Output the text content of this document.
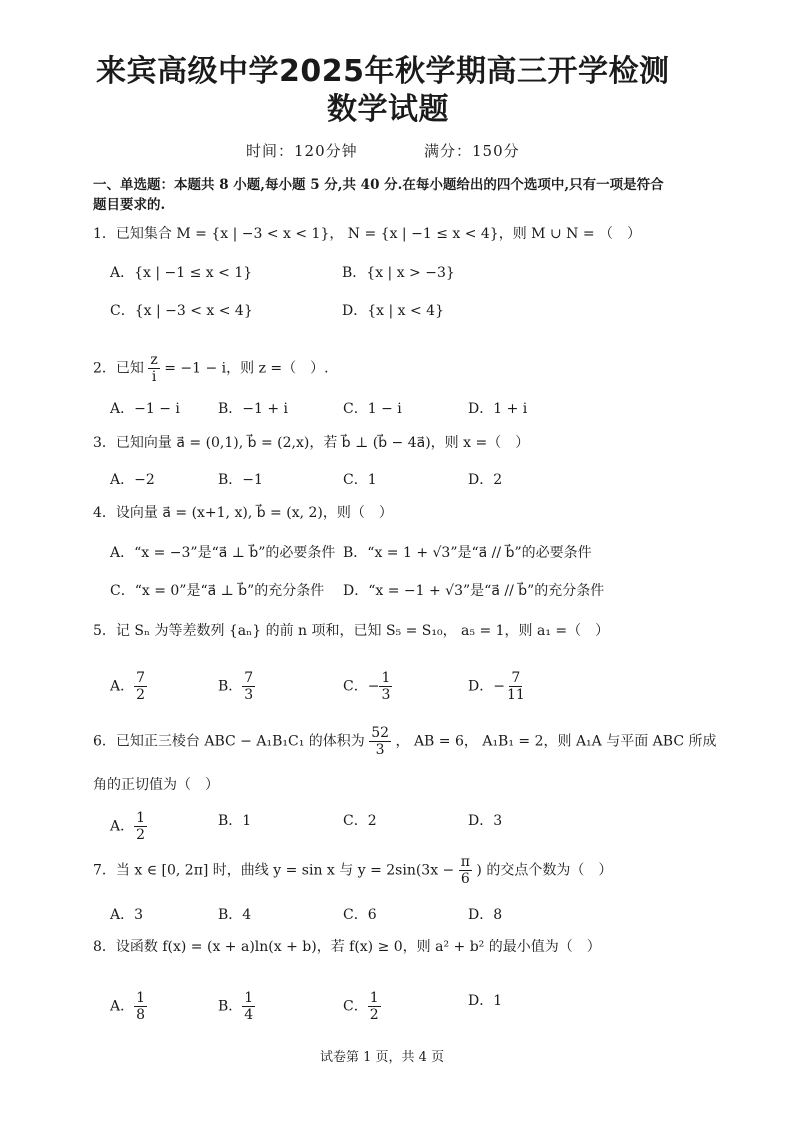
来宾高级中学2025年秋学期高三开学检测
数学试题
时间：120分钟	满分：150分
一、单选题：本题共 8 小题,每小题 5 分,共 40 分.在每小题给出的四个选项中,只有一项是符合
题目要求的.
1．已知集合 M = {x | −3 < x < 1}， N = {x | −1 ≤ x < 4}，则 M ∪ N = （　）
A．{x | −1 ≤ x < 1}	B．{x | x > −3}
C．{x | −3 < x < 4}	D．{x | x < 4}
2．已知 $\frac{z}{i} = -1 - i$，则 z =（　）.
A．−1 − i	B．−1 + i	C．1 − i	D．1 + i
3．已知向量 a⃗ = (0,1), b⃗ = (2,x)，若 b⃗ ⊥ (b⃗ − 4a⃗)，则 x =（　）
A．−2	B．−1	C．1	D．2
4．设向量 a⃗ = (x+1, x), b⃗ = (x, 2)，则（　）
A．“x = −3”是“a⃗ ⊥ b⃗”的必要条件 B．“x = 1 + √3”是“a⃗ // b⃗”的必要条件
C．“x = 0”是“a⃗ ⊥ b⃗”的充分条件 D．“x = −1 + √3”是“a⃗ // b⃗”的充分条件
5．记 Sₙ 为等差数列 {aₙ} 的前 n 项和，已知 S₅ = S₁₀， a₅ = 1，则 a₁ =（　）
A． $\frac{7}{2}$	B． $\frac{7}{3}$	C．− $\frac{1}{3}$	D．− $\frac{7}{11}$
6．已知正三棱台 ABC − A₁B₁C₁ 的体积为 $\frac{52}{3}$ ， AB = 6， A₁B₁ = 2，则 A₁A 与平面 ABC 所成
角的正切值为（　）
A． $\frac{1}{2}$	B．1	C．2	D．3
7．当 x ∈ [0, 2π] 时，曲线 y = sin x 与 $y = 2\sin(3x - \frac{\pi}{6}$ ) 的交点个数为（　）
A．3	B．4	C．6	D．8
8．设函数 f(x) = (x + a)ln(x + b)，若 f(x) ≥ 0，则 a² + b² 的最小值为（　）
A． $\frac{1}{8}$	B． $\frac{1}{4}$	C． $\frac{1}{2}$	D．1
试卷第 1 页，共 4 页
